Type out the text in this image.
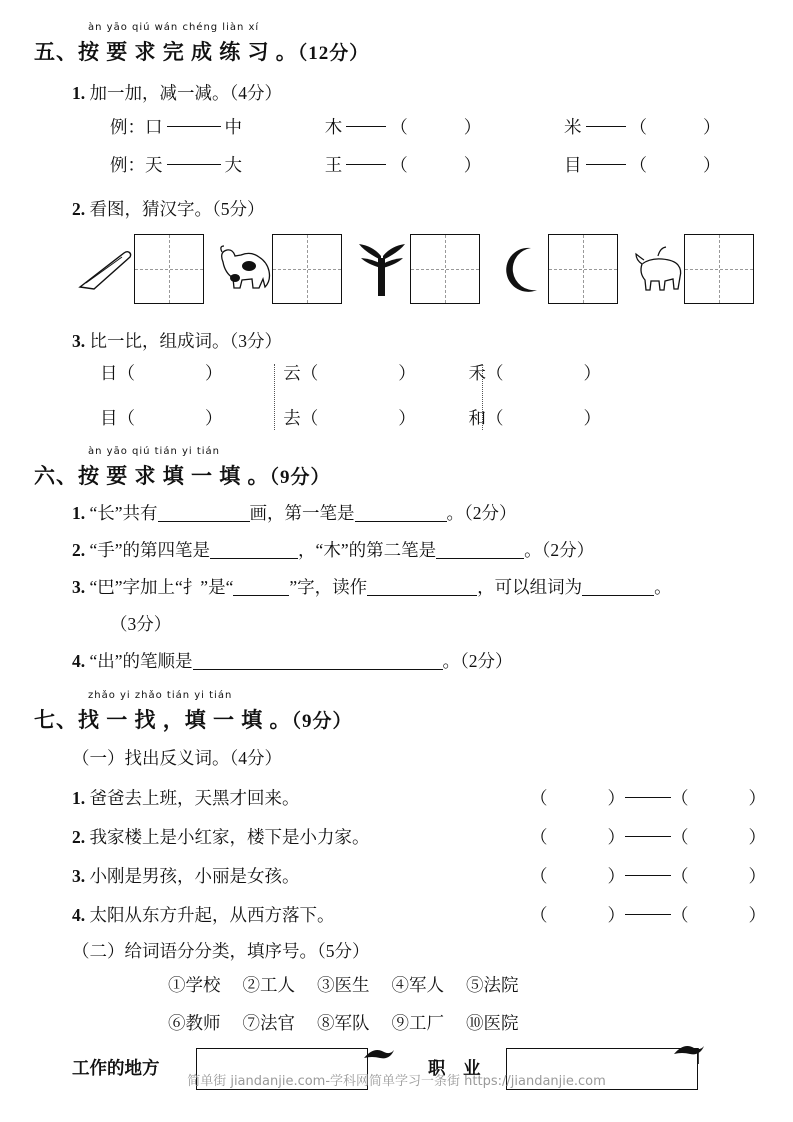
àn yāo qiú wán chéng liàn xí
五、按 要 求 完 成 练 习 。（12分）
1. 加一加，减一减。（4分）
例：口	中	木	（	）	米	（	）
例：天	大	王	（	）	目	（	）
2. 看图，猜汉字。（5分）
3. 比一比，组成词。（3分）
日（	）	云（	）	禾（	）
目（	）	去（	）	和（	）
àn yāo qiú tián yi tián
六、按 要 求 填 一 填 。（9分）
1. “长”共有	画，第一笔是	。（2分）
2. “手”的第四笔是	，“木”的第二笔是	。（2分）
3. “巴”字加上“扌”是“	”字，读作	，可以组词为	。
（3分）
4. “出”的笔顺是	。（2分）
zhǎo yi zhǎo tián yi tián
七、找 一 找 ，填 一 填 。（9分）
（一）找出反义词。（4分）
1. 爸爸去上班，天黑才回来。	（	）	（	）
2. 我家楼上是小红家，楼下是小力家。	（	）	（	）
3. 小刚是男孩，小丽是女孩。	（	）	（	）
4. 太阳从东方升起，从西方落下。	（	）	（	）
（二）给词语分分类，填序号。（5分）
①学校 ②工人 ③医生 ④军人 ⑤法院
⑥教师 ⑦法官 ⑧军队 ⑨工厂 ⑩医院
工作的地方	职　业
简单街 jiandanjie.com-学科网简单学习一条街 https://jiandanjie.com
